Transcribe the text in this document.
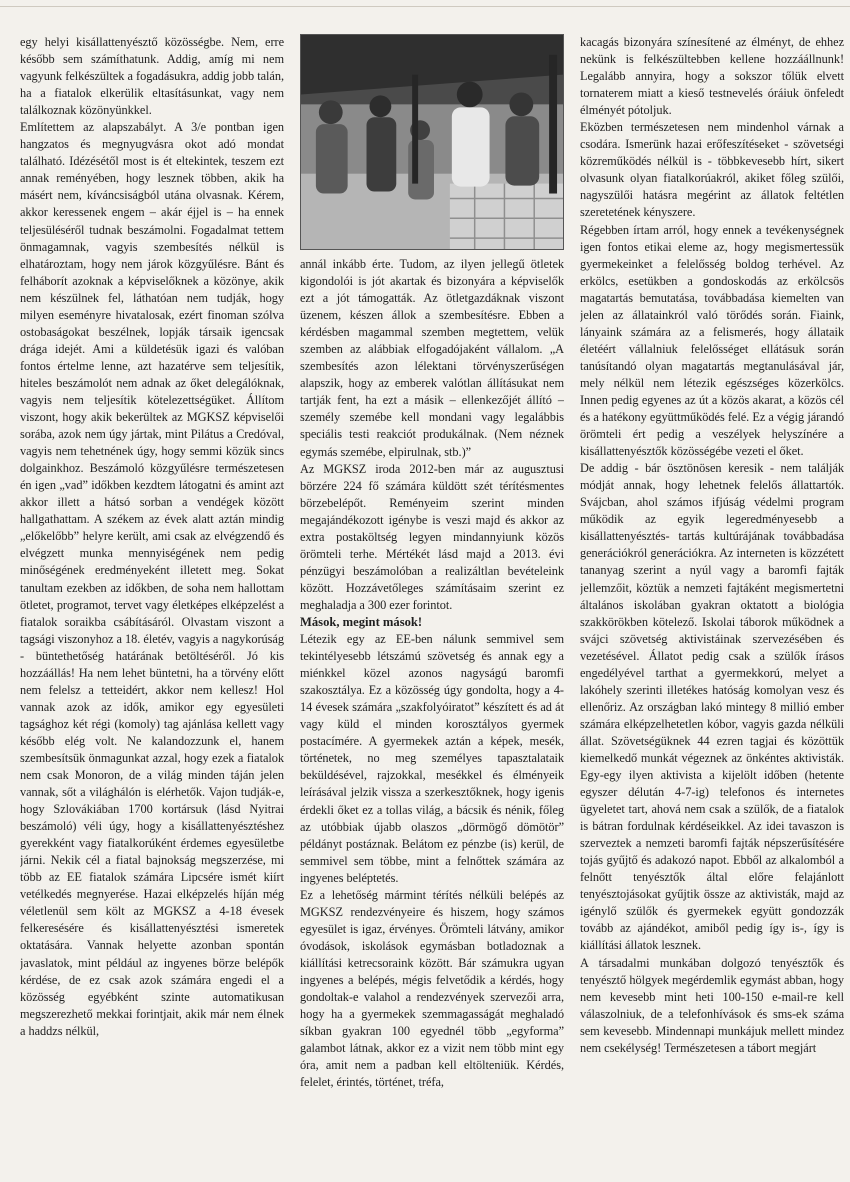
egy helyi kisállattenyésztő közösségbe. Nem, erre később sem számíthatunk. Addig, amíg mi nem vagyunk felkészültek a fogadásukra, addig jobb talán, ha a fiatalok elkerülik eltasításunkat, vagy nem találkoznak közönyünkkel.

Említettem az alapszabályt. A 3/e pontban igen hangzatos és megnyugvásra okot adó mondat található. Idézésétől most is ét eltekintek, teszem ezt annak reményében, hogy lesznek többen, akik ha másért nem, kíváncsiságból utána olvasnak. Kérem, akkor keressenek engem – akár éjjel is – ha ennek teljesüléséről tudnak beszámolni. Fogadalmat tettem önmagamnak, vagyis szembesítés nélkül is elhatároztam, hogy nem járok közgyűlésre. Bánt és felháborít azoknak a képviselőknek a közönye, akik nem készülnek fel, láthatóan nem tudják, hogy milyen eseményre hivatalosak, ezért finoman szólva ostobaságokat beszélnek, lopják társaik igencsak drága idejét. Ami a küldetésük igazi és valóban fontos értelme lenne, azt hazatérve sem teljesítik, hiteles beszámolót nem adnak az őket delegálóknak, vagyis nem teljesítik kötelezettségüket. Állítom viszont, hogy akik bekerültek az MGKSZ képviselői sorába, azok nem úgy jártak, mint Pilátus a Credóval, vagyis nem tehetnének úgy, hogy semmi közük sincs dolgainkhoz. Beszámoló közgyűlésre természetesen én igen „vad” időkben kezdtem látogatni és amint azt akkor illett a hátsó sorban a vendégek között hallgathattam. A székem az évek alatt aztán mindig „előkelőbb” helyre került, ami csak az elvégzendő és elvégzett munka mennyiségének nem pedig minőségének eredményeként illetett meg. Sokat tanultam ezekben az időkben, de soha nem hallottam ötletet, programot, tervet vagy életképes elképzelést a fiatalok soraikba csábításáról. Olvastam viszont a tagsági viszonyhoz a 18. életév, vagyis a nagykorúság - büntethetőség határának betöltéséről. Jó kis hozzáállás! Ha nem lehet büntetni, ha a törvény előtt nem felelsz a tetteidért, akkor nem kellesz! Hol vannak azok az idők, amikor egy egyesületi tagsághoz két régi (komoly) tag ajánlása kellett vagy később elég volt. Ne kalandozzunk el, hanem szembesítsük önmagunkat azzal, hogy ezek a fiatalok nem csak Monoron, de a világ minden táján jelen vannak, sőt a világhálón is elérhetők. Vajon tudják-e, hogy Szlovákiában 1700 kortársuk (lásd Nyitrai beszámoló) véli úgy, hogy a kisállattenyésztéshez gyerekként vagy fiatalkorúként érdemes egyesületbe járni. Nekik cél a fiatal bajnokság megszerzése, mi több az EE fiatalok számára Lipcsére ismét kiírt vetélkedés megnyerése. Hazai elképzelés híján még véletlenül sem költ az MGKSZ a 4-18 évesek felkeresésére és kisállattenyésztési ismeretek oktatására. Vannak helyette azonban spontán javaslatok, mint például az ingyenes börze belépők kérdése, de ez csak azok számára engedi el a közösség egyébként szinte automatikusan megszerezhető mekkai forintjait, akik már nem élnek a haddzs nélkül,

annál inkább érte. Tudom, az ilyen jellegű ötletek kigondolói is jót akartak és bizonyára a képviselők ezt a jót támogatták. Az ötletgazdáknak viszont üzenem, készen állok a szembesítésre. Ebben a kérdésben magammal szemben megtettem, velük szemben az alábbiak elfogadójaként vállalom. „A szembesítés azon lélektani törvényszerűségen alapszik, hogy az emberek valótlan állításukat nem tartják fent, ha ezt a másik – ellenkezőjét állító – személy szemébe kell mondani vagy legalábbis speciális testi reakciót produkálnak. (Nem néznek egymás szemébe, elpirulnak, stb.)”

Az MGKSZ iroda 2012-ben már az augusztusi börzére 224 fő számára küldött szét térítésmentes börzebelépőt. Reményeim szerint minden megajándékozott igénybe is veszi majd és akkor az extra postaköltség legyen mindannyiunk közös örömteli terhe. Mértékét lásd majd a 2013. évi pénzügyi beszámolóban a realizáltlan bevételeink között. Hozzávetőleges számításaim szerint ez meghaladja a 300 ezer forintot.

Mások, megint mások!

Létezik egy az EE-ben nálunk semmivel sem tekintélyesebb létszámú szövetség és annak egy a miénkkel közel azonos nagyságú baromfi szakosztálya. Ez a közösség úgy gondolta, hogy a 4-14 évesek számára „szakfolyóiratot” készített és ad át vagy küld el minden korosztályos gyermek postacímére. A gyermekek aztán a képek, mesék, történetek, no meg személyes tapasztalataik beküldésével, rajzokkal, mesékkel és élményeik leírásával jelzik vissza a szerkesztőknek, hogy igenis érdekli őket ez a tollas világ, a bácsik és nénik, főleg az utóbbiak újabb olaszos „dörmögő dömötör” példányt postáznak. Belátom ez pénzbe (is) kerül, de semmivel sem többe, mint a felnőttek számára az ingyenes beléptetés.

Ez a lehetőség mármint térítés nélküli belépés az MGKSZ rendezvényeire és hiszem, hogy számos egyesület is igaz, érvényes. Örömteli látvány, amikor óvodások, iskolások egymásban botladoznak a kiállítási ketrecsoraink között. Bár számukra ugyan ingyenes a belépés, mégis felvetődik a kérdés, hogy gondoltak-e valahol a rendezvények szervezői arra, hogy ha a gyermekek szemmagasságát meghaladó síkban gyakran 100 egyednél több „egyforma” galambot látnak, akkor ez a vizit nem több mint egy óra, amit nem a padban kell eltölteniük. Kérdés, felelet, érintés, történet, tréfa,

kacagás bizonyára színesítené az élményt, de ehhez nekünk is felkészültebben kellene hozzáállnunk! Legalább annyira, hogy a sokszor tőlük elvett tornaterem miatt a kieső testnevelés óráiuk önfeledt élményét pótoljuk.

Eközben természetesen nem mindenhol várnak a csodára. Ismerünk hazai erőfeszítéseket - szövetségi közreműködés nélkül is - többkevesebb hírt, sikert olvasunk olyan fiatalkorúakról, akiket főleg szülői, nagyszülői hatásra megérint az állatok feltétlen szeretetének kényszere.

Régebben írtam arról, hogy ennek a tevékenységnek igen fontos etikai eleme az, hogy megismertessük gyermekeinket a felelősség boldog terhével. Az erkölcs, esetükben a gondoskodás az erkölcsös magatartás bemutatása, továbbadása kiemelten van jelen az állatainkról való törődés során. Fiaink, lányaink számára az a felismerés, hogy állataik életéért vállalniuk felelősséget ellátásuk során tanúsítandó olyan magatartás megtanulásával jár, mely nélkül nem létezik egészséges közerkölcs. Innen pedig egyenes az út a közös akarat, a közös cél és a hatékony együttműködés felé. Ez a végig járandó örömteli ért pedig a veszélyek helyszínére a kisállattenyésztők közösségébe vezeti el őket.

De addig - bár ösztönösen keresik - nem találják módját annak, hogy lehetnek felelős állattartók. Svájcban, ahol számos ifjúság védelmi program működik az egyik legeredményesebb a kisállattenyésztés- tartás kultúrájának továbbadása generációkról generációkra. Az interneten is közzétett tananyag szerint a nyúl vagy a baromfi fajták jellemzőit, köztük a nemzeti fajtáként megismertetni általános iskolában gyakran oktatott a biológia szakkörökben kötelező. Iskolai táborok működnek a svájci szövetség aktivistáinak szervezésében és vezetésével. Állatot pedig csak a szülők írásos engedélyével tarthat a gyermekkorú, melyet a lakóhely szerinti illetékes hatóság komolyan vesz és ellenőriz. Az országban lakó mintegy 8 millió ember számára elképzelhetetlen kóbor, vagyis gazda nélküli állat. Szövetségüknek 44 ezren tagjai és közöttük kiemelkedő munkát végeznek az önkéntes aktivisták. Egy-egy ilyen aktivista a kijelölt időben (hetente egyszer délután 4-7-ig) telefonos és internetes ügyeletet tart, ahová nem csak a szülők, de a fiatalok is bátran fordulnak kérdéseikkel. Az idei tavaszon is szerveztek a nemzeti baromfi fajták népszerűsítésére tojás gyűjtő és adakozó napot. Ebből az alkalomból a felnőtt tenyésztők által előre felajánlott tenyésztojásokat gyűjtik össze az aktivisták, majd az igénylő szülők és gyermekek együtt gondozzák tovább az ajándékot, amiből pedig így is-, így is kiállítási állatok lesznek.

A társadalmi munkában dolgozó tenyésztők és tenyésztő hölgyek megérdemlik egymást abban, hogy nem kevesebb mint heti 100-150 e-mail-re kell válaszolniuk, de a telefonhívások és sms-ek száma sem kevesebb. Mindennapi munkájuk mellett mindez nem csekélység! Természetesen a tábort megjárt
